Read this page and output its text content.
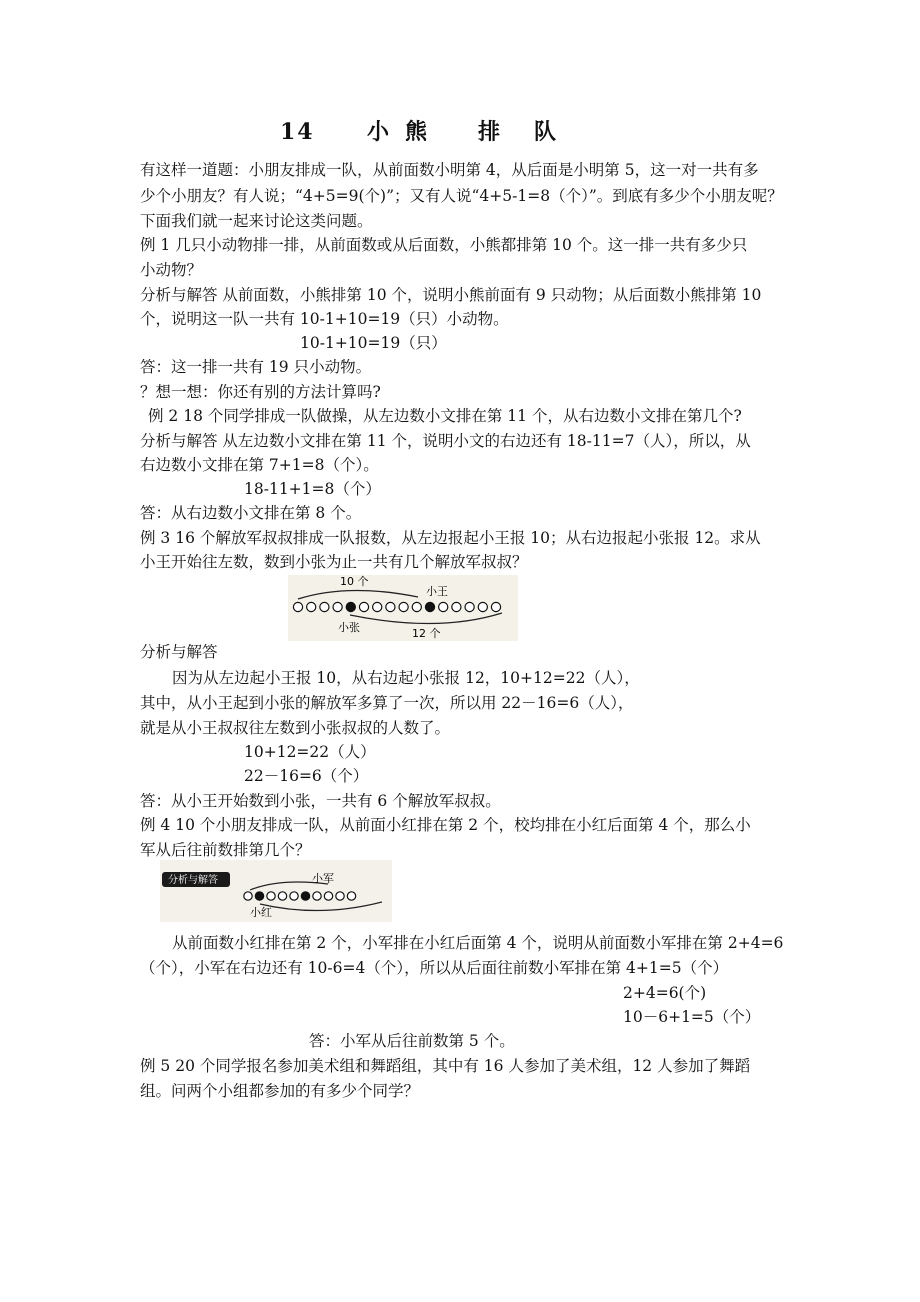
14 小 熊 排 队
有这样一道题：小朋友排成一队，从前面数小明第 4，从后面是小明第 5，这一对一共有多
少个小朋友？有人说；“4+5=9(个)”；又有人说“4+5-1=8（个）”。到底有多少个小朋友呢？
下面我们就一起来讨论这类问题。
例 1 几只小动物排一排，从前面数或从后面数，小熊都排第 10 个。这一排一共有多少只
小动物？
分析与解答 从前面数，小熊排第 10 个，说明小熊前面有 9 只动物；从后面数小熊排第 10
个，说明这一队一共有 10-1+10=19（只）小动物。
10-1+10=19（只）
答：这一排一共有 19 只小动物。
？想一想：你还有别的方法计算吗?
例 2 18 个同学排成一队做操，从左边数小文排在第 11 个，从右边数小文排在第几个?
分析与解答 从左边数小文排在第 11 个，说明小文的右边还有 18-11=7（人），所以，从
右边数小文排在第 7+1=8（个）。
18-11+1=8（个）
答：从右边数小文排在第 8 个。
例 3 16 个解放军叔叔排成一队报数，从左边报起小王报 10；从右边报起小张报 12。求从
小王开始往左数，数到小张为止一共有几个解放军叔叔？
10 个
小王
小张	12 个
分析与解答
因为从左边起小王报 10，从右边起小张报 12，10+12=22（人），
其中，从小王起到小张的解放军多算了一次，所以用 22－16=6（人），
就是从小王叔叔往左数到小张叔叔的人数了。
10+12=22（人）
22－16=6（个）
答：从小王开始数到小张，一共有 6 个解放军叔叔。
例 4 10 个小朋友排成一队，从前面小红排在第 2 个，校均排在小红后面第 4 个，那么小
军从后往前数排第几个？
分析与解答	小军
小红
从前面数小红排在第 2 个，小军排在小红后面第 4 个，说明从前面数小军排在第 2+4=6
（个），小军在右边还有 10-6=4（个），所以从后面往前数小军排在第 4+1=5（个）
2+4=6(个)
10－6+1=5（个）
答：小军从后往前数第 5 个。
例 5 20 个同学报名参加美术组和舞蹈组，其中有 16 人参加了美术组，12 人参加了舞蹈
组。问两个小组都参加的有多少个同学？
